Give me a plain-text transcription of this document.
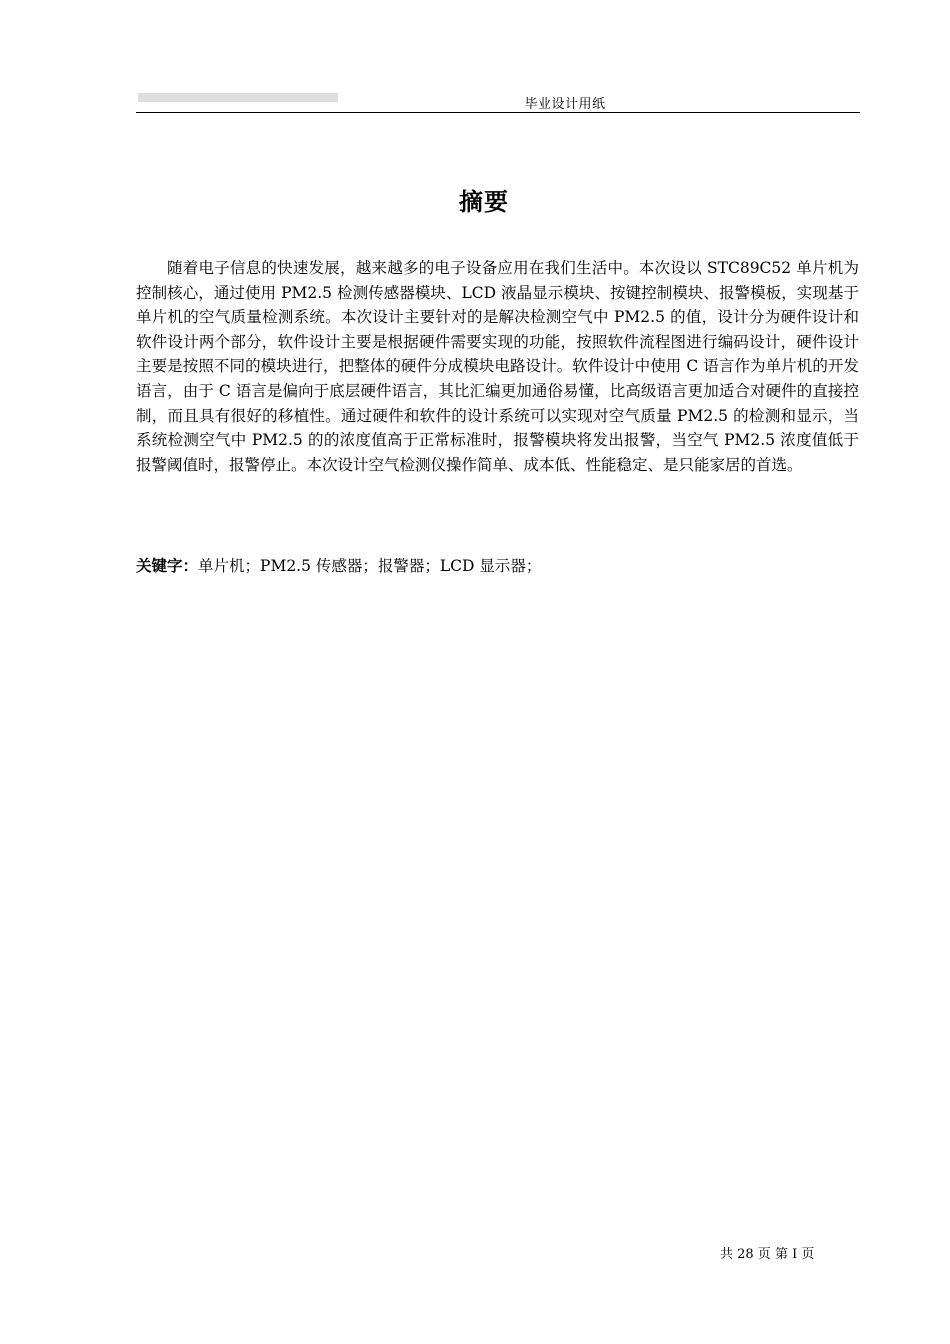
毕业设计用纸
摘要

随着电子信息的快速发展，越来越多的电子设备应用在我们生活中。本次设以 STC89C52 单片机为控制核心，通过使用 PM2.5 检测传感器模块、LCD 液晶显示模块、按键控制模块、报警模板，实现基于单片机的空气质量检测系统。本次设计主要针对的是解决检测空气中 PM2.5 的值，设计分为硬件设计和软件设计两个部分，软件设计主要是根据硬件需要实现的功能，按照软件流程图进行编码设计，硬件设计主要是按照不同的模块进行，把整体的硬件分成模块电路设计。软件设计中使用 C 语言作为单片机的开发语言，由于 C 语言是偏向于底层硬件语言，其比汇编更加通俗易懂，比高级语言更加适合对硬件的直接控制，而且具有很好的移植性。通过硬件和软件的设计系统可以实现对空气质量 PM2.5 的检测和显示，当系统检测空气中 PM2.5 的的浓度值高于正常标准时，报警模块将发出报警，当空气 PM2.5 浓度值低于报警阈值时，报警停止。本次设计空气检测仪操作简单、成本低、性能稳定、是只能家居的首选。

关键字：单片机；PM2.5 传感器；报警器；LCD 显示器；
共 28 页 第 I 页
